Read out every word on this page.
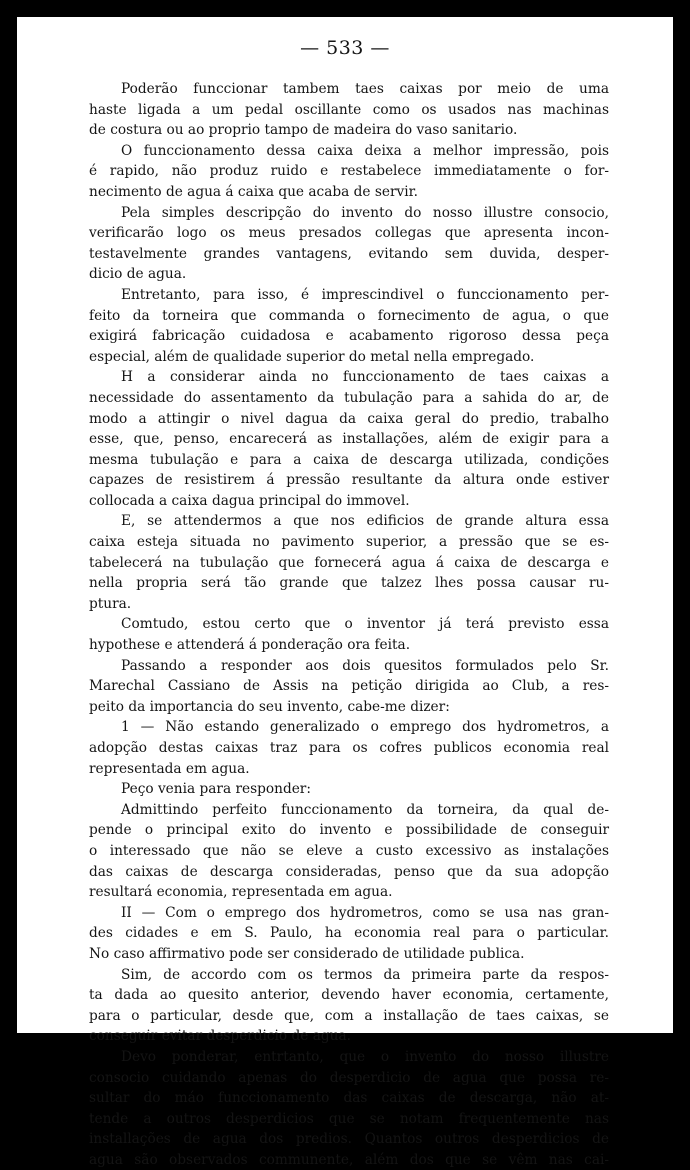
— 533 —
Poderão funccionar tambem taes caixas por meio de uma
haste ligada a um pedal oscillante como os usados nas machinas
de costura ou ao proprio tampo de madeira do vaso sanitario.
O funccionamento dessa caixa deixa a melhor impressão, pois
é rapido, não produz ruido e restabelece immediatamente o for-
necimento de agua á caixa que acaba de servir.
Pela simples descripção do invento do nosso illustre consocio,
verificarão logo os meus presados collegas que apresenta incon-
testavelmente grandes vantagens, evitando sem duvida, desper-
dicio de agua.
Entretanto, para isso, é imprescindivel o funccionamento per-
feito da torneira que commanda o fornecimento de agua, o que
exigirá fabricação cuidadosa e acabamento rigoroso dessa peça
especial, além de qualidade superior do metal nella empregado.
H a considerar ainda no funccionamento de taes caixas a
necessidade do assentamento da tubulação para a sahida do ar, de
modo a attingir o nivel dagua da caixa geral do predio, trabalho
esse, que, penso, encarecerá as installações, além de exigir para a
mesma tubulação e para a caixa de descarga utilizada, condições
capazes de resistirem á pressão resultante da altura onde estiver
collocada a caixa dagua principal do immovel.
E, se attendermos a que nos edificios de grande altura essa
caixa esteja situada no pavimento superior, a pressão que se es-
tabelecerá na tubulação que fornecerá agua á caixa de descarga e
nella propria será tão grande que talzez lhes possa causar ru-
ptura.
Comtudo, estou certo que o inventor já terá previsto essa
hypothese e attenderá á ponderação ora feita.
Passando a responder aos dois quesitos formulados pelo Sr.
Marechal Cassiano de Assis na petição dirigida ao Club, a res-
peito da importancia do seu invento, cabe-me dizer:
1 — Não estando generalizado o emprego dos hydrometros, a
adopção destas caixas traz para os cofres publicos economia real
representada em agua.
Peço venia para responder:
Admittindo perfeito funccionamento da torneira, da qual de-
pende o principal exito do invento e possibilidade de conseguir
o interessado que não se eleve a custo excessivo as instalações
das caixas de descarga consideradas, penso que da sua adopção
resultará economia, representada em agua.
II — Com o emprego dos hydrometros, como se usa nas gran-
des cidades e em S. Paulo, ha economia real para o particular.
No caso affirmativo pode ser considerado de utilidade publica.
Sim, de accordo com os termos da primeira parte da respos-
ta dada ao quesito anterior, devendo haver economia, certamente,
para o particular, desde que, com a installação de taes caixas, se
conseguir evitar desperdicio de agua.
Devo ponderar, entrtanto, que o invento do nosso illustre
consocio cuidando apenas do desperdicio de agua que possa re-
sultar do máo funccionamento das caixas de descarga, não at-
tende a outros desperdicios que se notam frequentemente nas
installações de agua dos predios. Quantos outros desperdicios de
agua são observados communente, além dos que se vêm nas cai-
